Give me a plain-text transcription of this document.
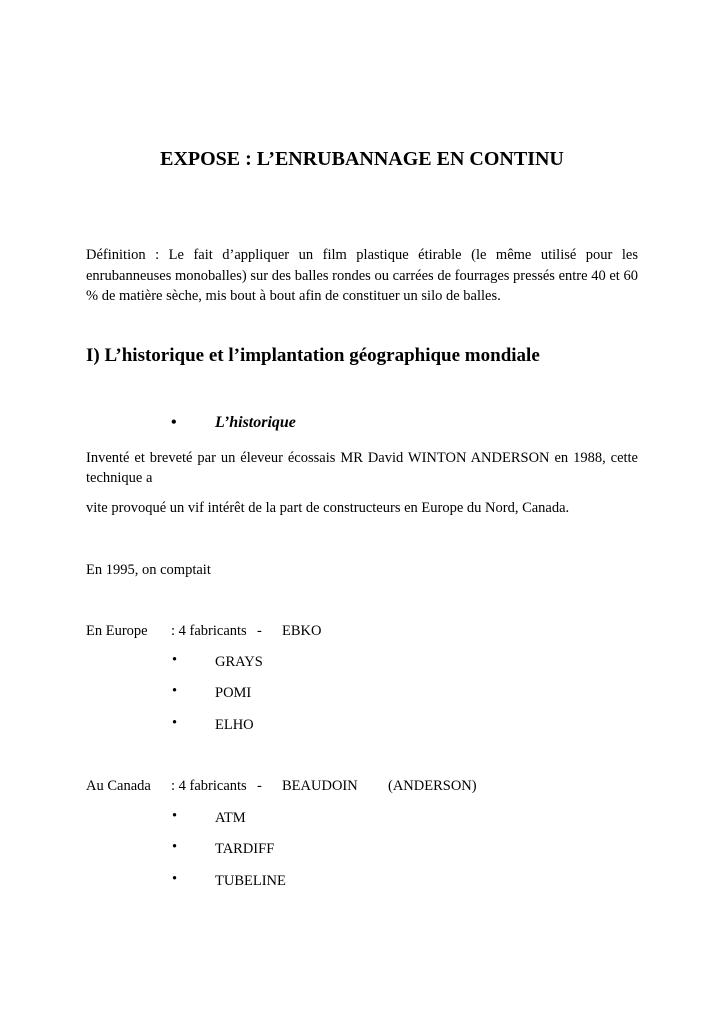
EXPOSE : L’ENRUBANNAGE EN CONTINU
Définition : Le fait d’appliquer un film plastique étirable (le même utilisé pour les enrubanneuses monoballes) sur des balles rondes ou carrées de fourrages pressés entre 40 et 60 % de matière sèche, mis bout à bout afin de constituer un silo de balles.
I) L’historique et l’implantation géographique mondiale
• L’historique
Inventé et breveté par un éleveur écossais MR David WINTON ANDERSON en 1988, cette technique a
vite provoqué un vif intérêt de la part de constructeurs en Europe du Nord, Canada.
En 1995, on comptait
En Europe : 4 fabricants - EBKO
•	GRAYS
•	POMI
•	ELHO
Au Canada : 4 fabricants - BEAUDOIN (ANDERSON)
•	ATM
•	TARDIFF
•	TUBELINE
